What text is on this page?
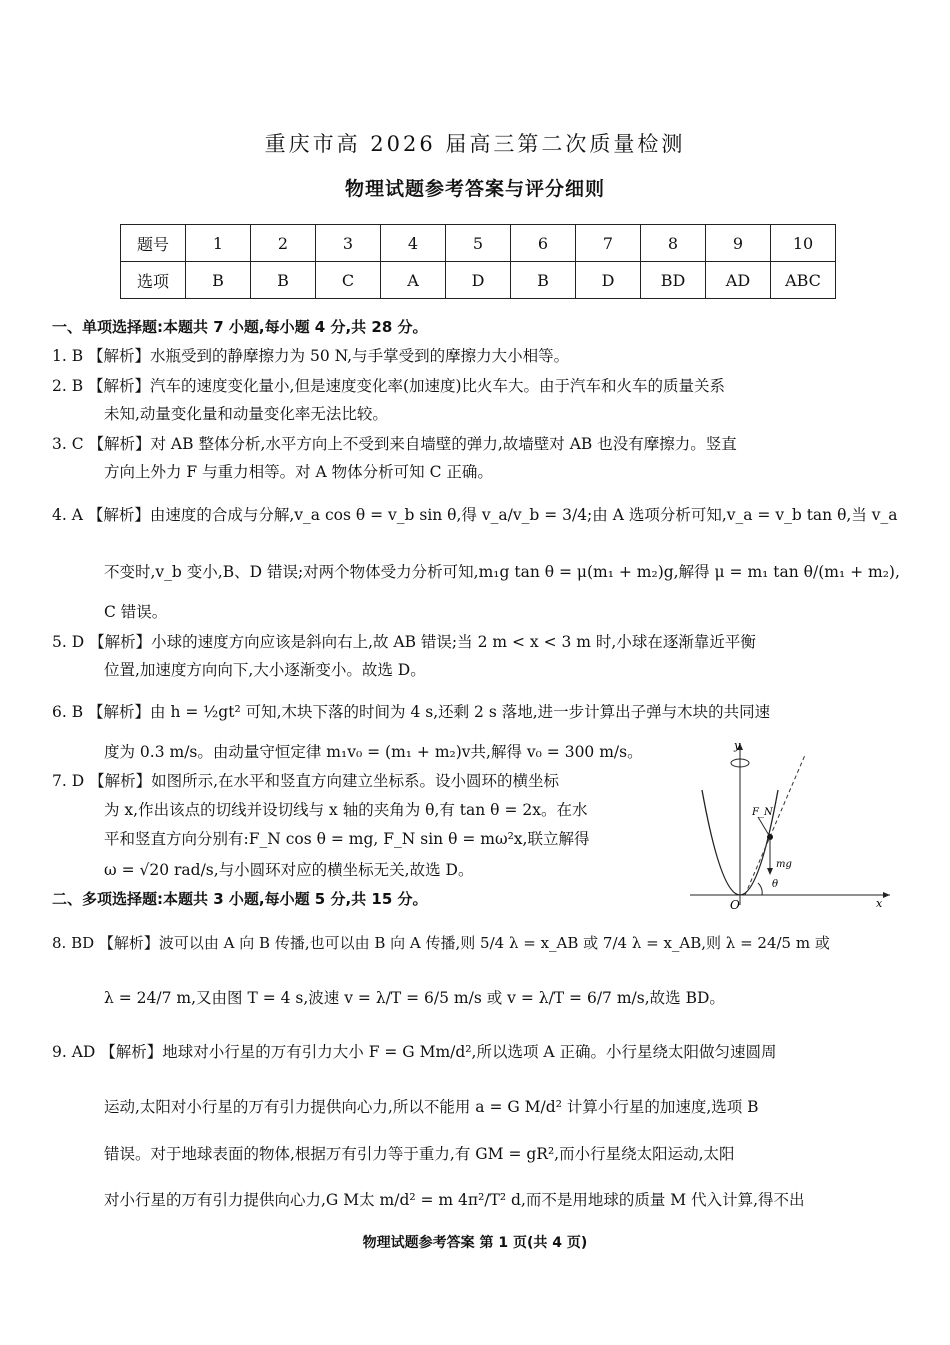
重庆市高 2026 届高三第二次质量检测
物理试题参考答案与评分细则
题号	1	2	3	4	5	6	7	8	9	10
选项	B	B	C	A	D	B	D	BD	AD	ABC
一、单项选择题:本题共 7 小题,每小题 4 分,共 28 分。
1. B 【解析】水瓶受到的静摩擦力为 50 N,与手掌受到的摩擦力大小相等。
2. B 【解析】汽车的速度变化量小,但是速度变化率(加速度)比火车大。由于汽车和火车的质量关系
未知,动量变化量和动量变化率无法比较。
3. C 【解析】对 AB 整体分析,水平方向上不受到来自墙壁的弹力,故墙壁对 AB 也没有摩擦力。竖直
方向上外力 F 与重力相等。对 A 物体分析可知 C 正确。
4. A 【解析】由速度的合成与分解,v_a cos θ = v_b sin θ,得 v_a/v_b = 3/4;由 A 选项分析可知,v_a = v_b tan θ,当 v_a
不变时,v_b 变小,B、D 错误;对两个物体受力分析可知,m₁g tan θ = μ(m₁ + m₂)g,解得 μ = m₁ tan θ/(m₁ + m₂),
C 错误。
5. D 【解析】小球的速度方向应该是斜向右上,故 AB 错误;当 2 m < x < 3 m 时,小球在逐渐靠近平衡
位置,加速度方向向下,大小逐渐变小。故选 D。
6. B 【解析】由 h = ½gt² 可知,木块下落的时间为 4 s,还剩 2 s 落地,进一步计算出子弹与木块的共同速
度为 0.3 m/s。由动量守恒定律 m₁v₀ = (m₁ + m₂)v共,解得 v₀ = 300 m/s。
7. D 【解析】如图所示,在水平和竖直方向建立坐标系。设小圆环的横坐标
为 x,作出该点的切线并设切线与 x 轴的夹角为 θ,有 tan θ = 2x。在水
平和竖直方向分别有:F_N cos θ = mg, F_N sin θ = mω²x,联立解得
ω = √20 rad/s,与小圆环对应的横坐标无关,故选 D。
二、多项选择题:本题共 3 小题,每小题 5 分,共 15 分。
8. BD 【解析】波可以由 A 向 B 传播,也可以由 B 向 A 传播,则 5/4 λ = x_AB 或 7/4 λ = x_AB,则 λ = 24/5 m 或
λ = 24/7 m,又由图 T = 4 s,波速 v = λ/T = 6/5 m/s 或 v = λ/T = 6/7 m/s,故选 BD。
9. AD 【解析】地球对小行星的万有引力大小 F = G Mm/d²,所以选项 A 正确。小行星绕太阳做匀速圆周
运动,太阳对小行星的万有引力提供向心力,所以不能用 a = G M/d² 计算小行星的加速度,选项 B
错误。对于地球表面的物体,根据万有引力等于重力,有 GM = gR²,而小行星绕太阳运动,太阳
对小行星的万有引力提供向心力,G M太 m/d² = m 4π²/T² d,而不是用地球的质量 M 代入计算,得不出
y
x
O
F_N
mg
θ
物理试题参考答案 第 1 页(共 4 页)
